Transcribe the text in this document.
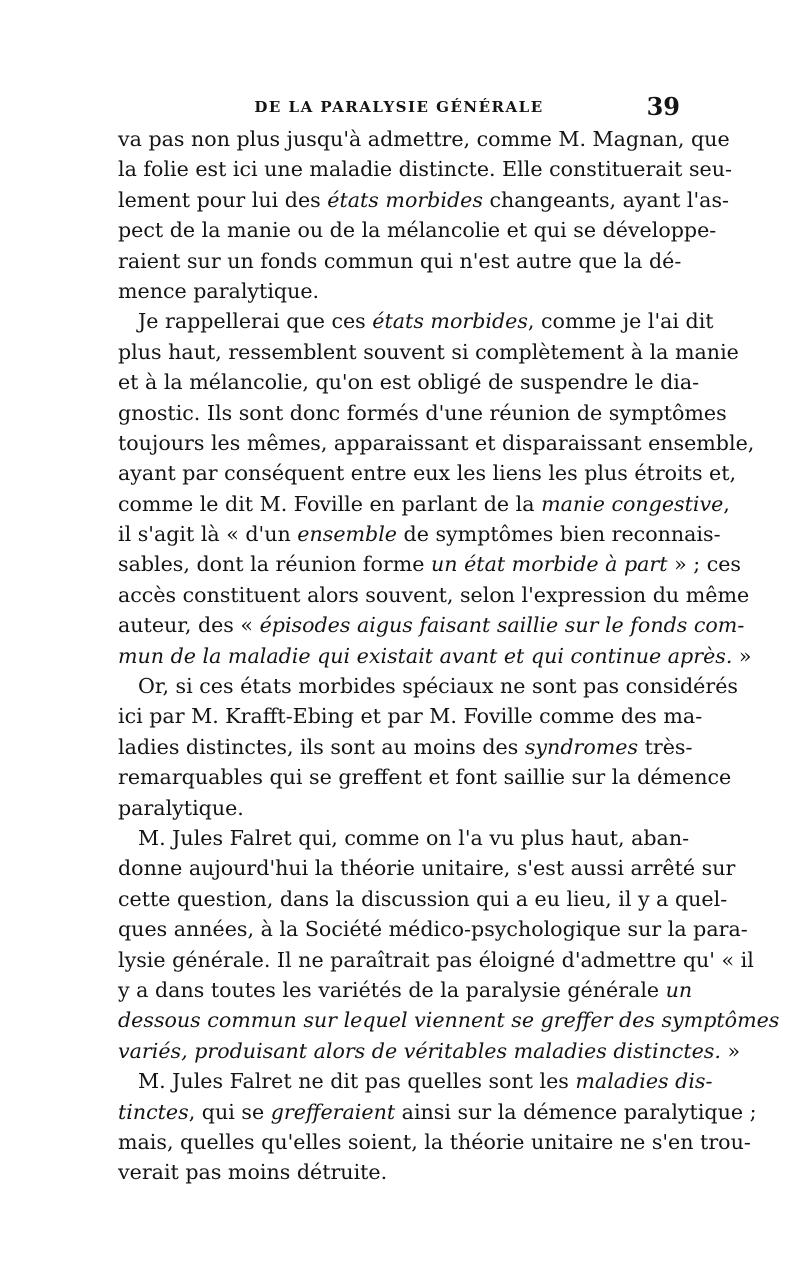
DE LA PARALYSIE GÉNÉRALE	39
va pas non plus jusqu'à admettre, comme M. Magnan, que
la folie est ici une maladie distincte. Elle constituerait seu-
lement pour lui des états morbides changeants, ayant l'as-
pect de la manie ou de la mélancolie et qui se développe-
raient sur un fonds commun qui n'est autre que la dé-
mence paralytique.
Je rappellerai que ces états morbides, comme je l'ai dit
plus haut, ressemblent souvent si complètement à la manie
et à la mélancolie, qu'on est obligé de suspendre le dia-
gnostic. Ils sont donc formés d'une réunion de symptômes
toujours les mêmes, apparaissant et disparaissant ensemble,
ayant par conséquent entre eux les liens les plus étroits et,
comme le dit M. Foville en parlant de la manie congestive,
il s'agit là « d'un ensemble de symptômes bien reconnais-
sables, dont la réunion forme un état morbide à part » ; ces
accès constituent alors souvent, selon l'expression du même
auteur, des « épisodes aigus faisant saillie sur le fonds com-
mun de la maladie qui existait avant et qui continue après. »
Or, si ces états morbides spéciaux ne sont pas considérés
ici par M. Krafft-Ebing et par M. Foville comme des ma-
ladies distinctes, ils sont au moins des syndromes très-
remarquables qui se greffent et font saillie sur la démence
paralytique.
M. Jules Falret qui, comme on l'a vu plus haut, aban-
donne aujourd'hui la théorie unitaire, s'est aussi arrêté sur
cette question, dans la discussion qui a eu lieu, il y a quel-
ques années, à la Société médico-psychologique sur la para-
lysie générale. Il ne paraîtrait pas éloigné d'admettre qu' « il
y a dans toutes les variétés de la paralysie générale un
dessous commun sur lequel viennent se greffer des symptômes
variés, produisant alors de véritables maladies distinctes. »
M. Jules Falret ne dit pas quelles sont les maladies dis-
tinctes, qui se grefferaient ainsi sur la démence paralytique ;
mais, quelles qu'elles soient, la théorie unitaire ne s'en trou-
verait pas moins détruite.
